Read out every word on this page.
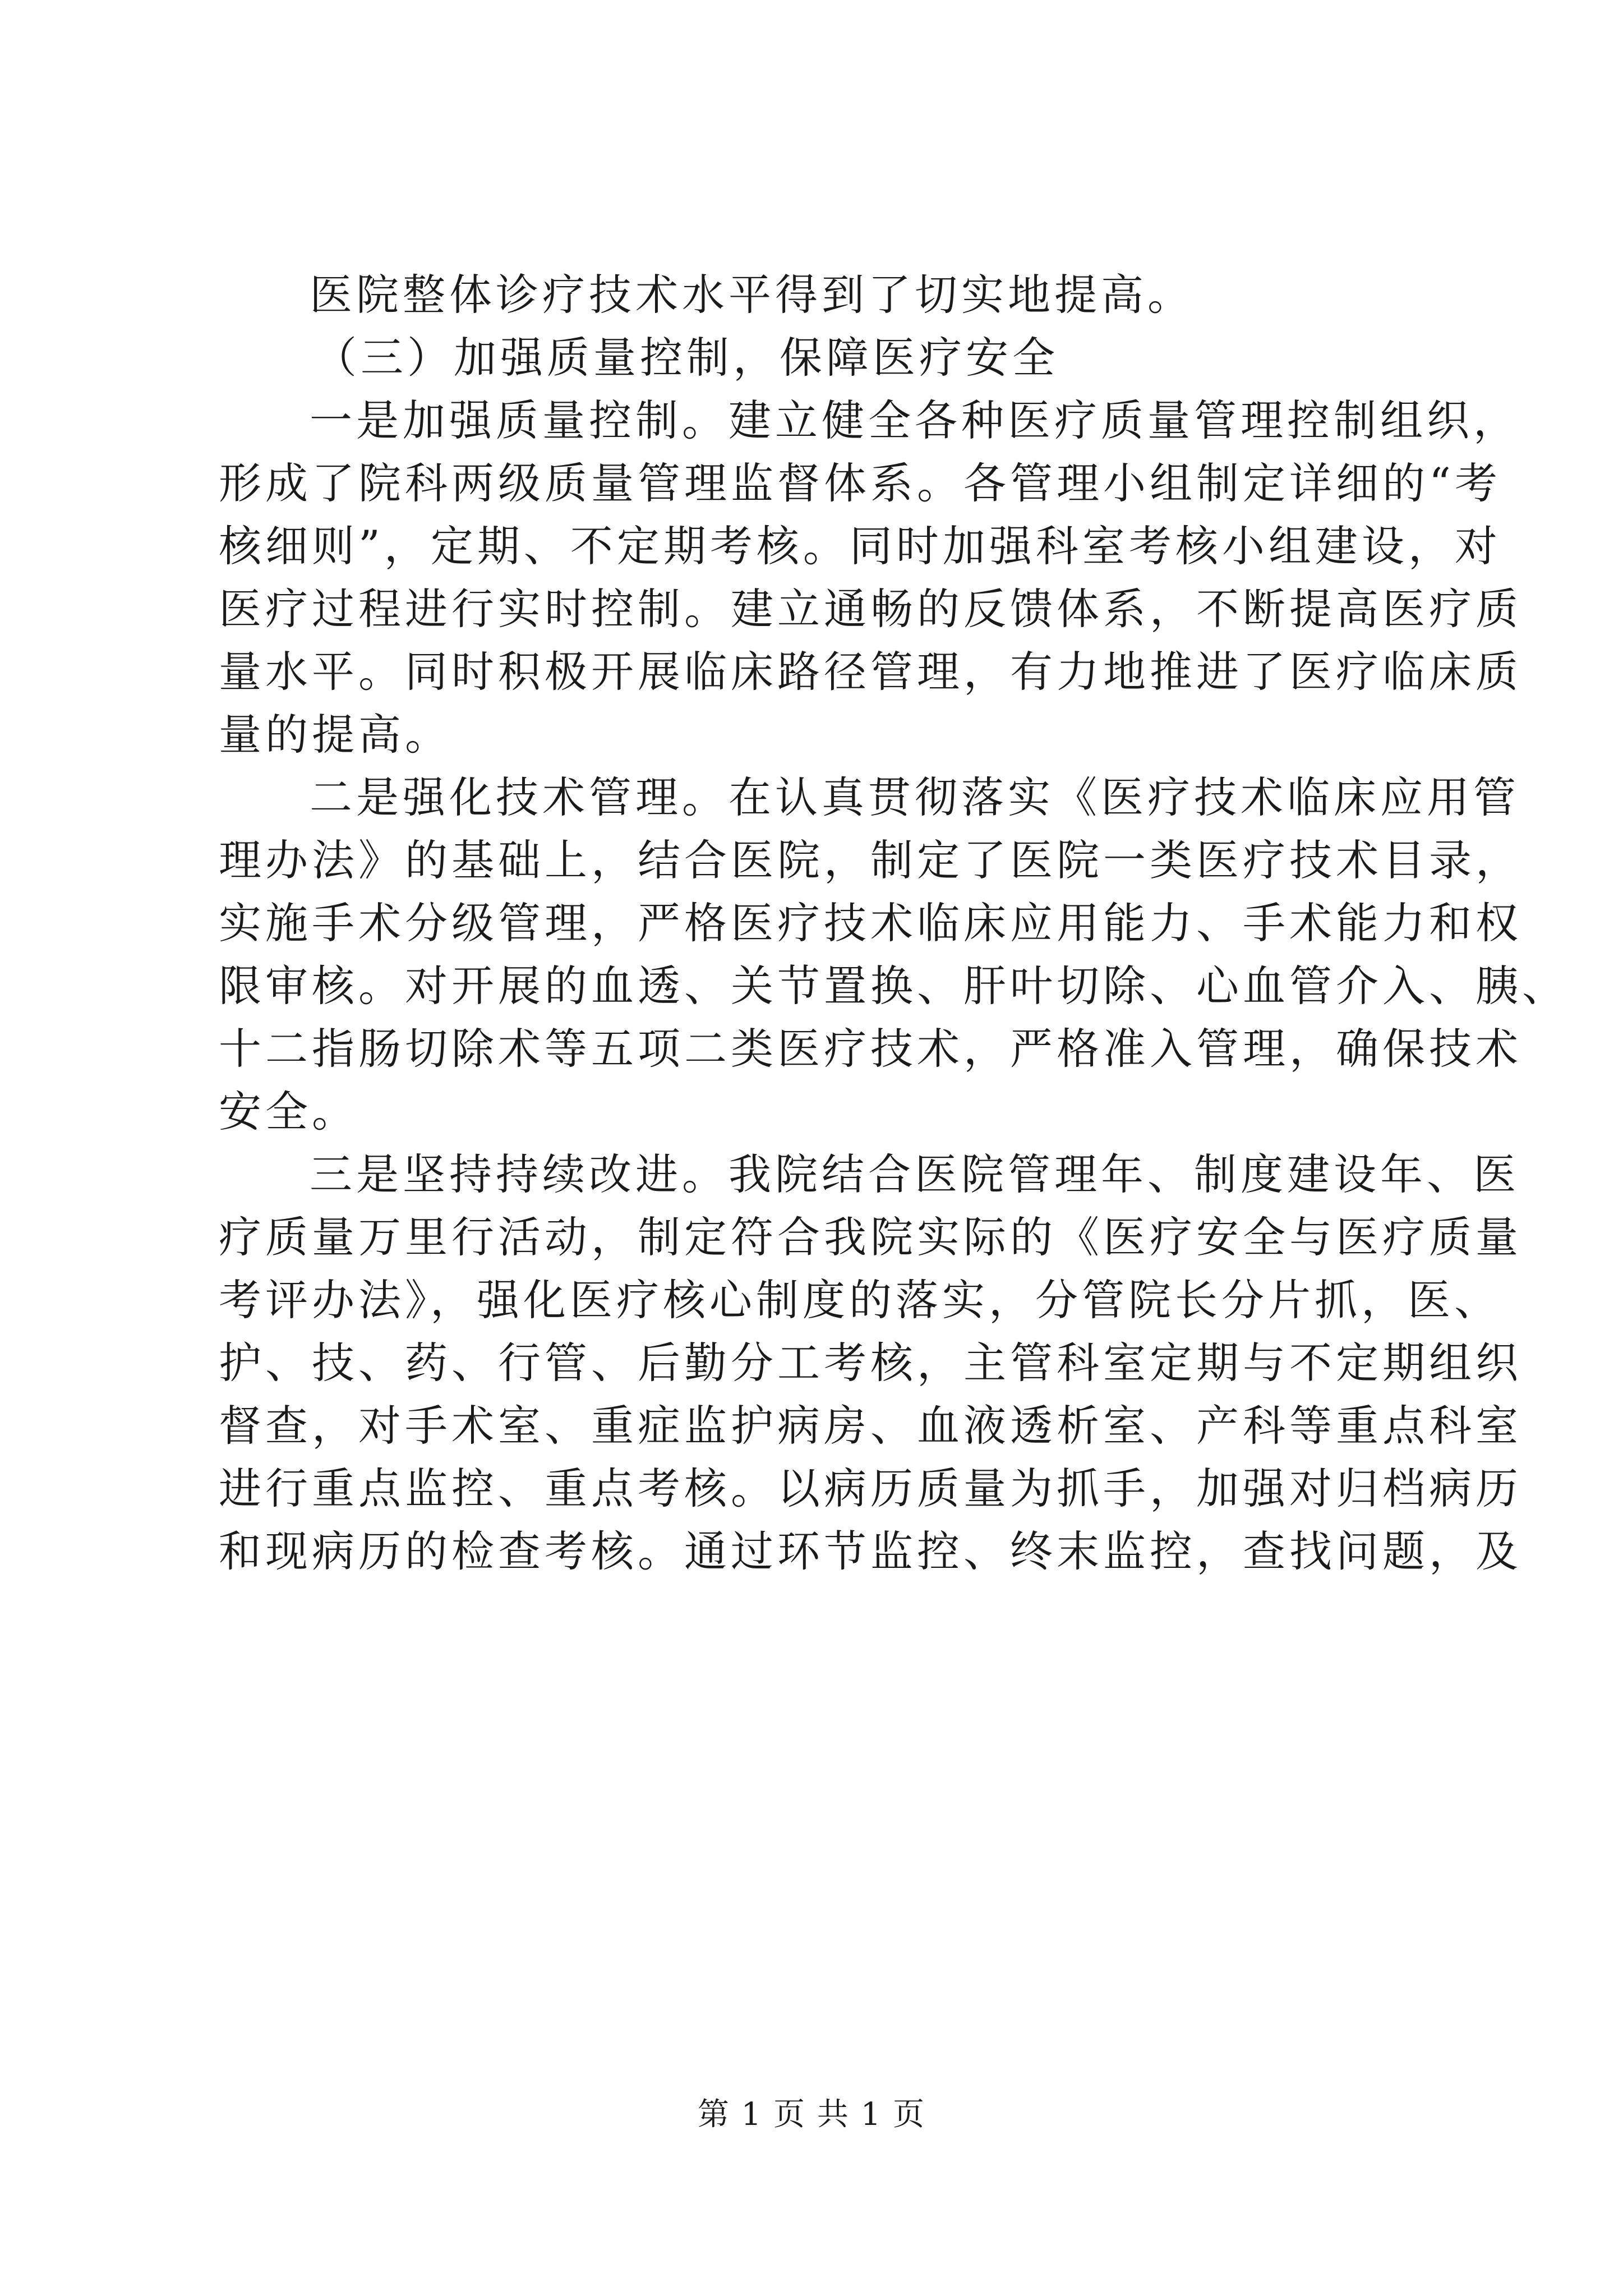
医院整体诊疗技术水平得到了切实地提高。
（三）加强质量控制，保障医疗安全
一是加强质量控制。建立健全各种医疗质量管理控制组织，
形成了院科两级质量管理监督体系。各管理小组制定详细的“考
核细则”，定期、不定期考核。同时加强科室考核小组建设，对
医疗过程进行实时控制。建立通畅的反馈体系，不断提高医疗质
量水平。同时积极开展临床路径管理，有力地推进了医疗临床质
量的提高。
二是强化技术管理。在认真贯彻落实《医疗技术临床应用管
理办法》的基础上，结合医院，制定了医院一类医疗技术目录，
实施手术分级管理，严格医疗技术临床应用能力、手术能力和权
限审核。对开展的血透、关节置换、肝叶切除、心血管介入、胰、
十二指肠切除术等五项二类医疗技术，严格准入管理，确保技术
安全。
三是坚持持续改进。我院结合医院管理年、制度建设年、医
疗质量万里行活动，制定符合我院实际的《医疗安全与医疗质量
考评办法》，强化医疗核心制度的落实，分管院长分片抓，医、
护、技、药、行管、后勤分工考核，主管科室定期与不定期组织
督查，对手术室、重症监护病房、血液透析室、产科等重点科室
进行重点监控、重点考核。以病历质量为抓手，加强对归档病历
和现病历的检查考核。通过环节监控、终末监控，查找问题，及
第 1 页 共 1 页
